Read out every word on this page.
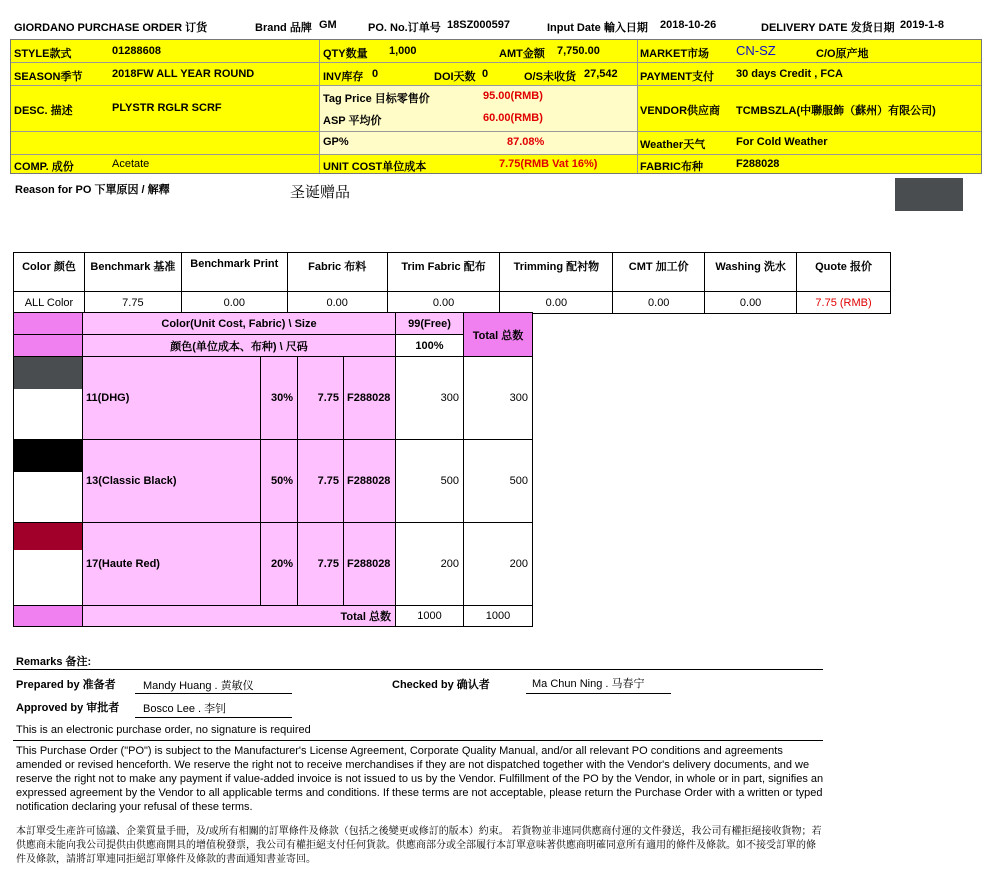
GIORDANO PURCHASE ORDER 订货	Brand 品牌 GM	PO. No.订单号 18SZ000597	Input Date 輸入日期 2018-10-26	DELIVERY DATE 发货日期 2019-1-8
STYLE款式	01288608
SEASON季节	2018FW ALL YEAR ROUND
DESC. 描述	PLYSTR RGLR SCRF
COMP. 成份	Acetate
QTY数量 1,000	AMT金额 7,750.00
INV库存 0	DOI天数 0	O/S未收货 27,542
Tag Price 目标零售价	95.00(RMB)
ASP 平均价	60.00(RMB)
GP%	87.08%
UNIT COST单位成本	7.75(RMB Vat 16%)
MARKET市场 CN-SZ	C/O原产地
PAYMENT支付 30 days Credit , FCA
VENDOR供应商 TCMBSZLA(中聯服飾（蘇州）有限公司)
Weather天气	For Cold Weather
FABRIC布种	F288028
Reason for PO 下單原因 / 解釋	圣诞赠品
Color 颜色	Benchmark 基准	Benchmark Print	Fabric 布料	Trim Fabric 配布	Trimming 配衬物	CMT 加工价	Washing 洗水	Quote 报价
ALL Color	7.75	0.00	0.00	0.00	0.00	0.00	0.00	7.75 (RMB)
Color(Unit Cost, Fabric) \ Size
颜色(单位成本、布种) \ 尺码
99(Free)
100%
Total 总数
11(DHG)	30%	7.75 F288028	300	300
13(Classic Black)	50%	7.75 F288028	500	500
17(Haute Red)	20%	7.75 F288028	200	200
Total 总数	1000	1000
Remarks 备注:
Prepared by 准备者 Mandy Huang . 黄敏仪	Checked by 确认者	Ma Chun Ning . 马春宁
Approved by 审批者 Bosco Lee . 李钊
This is an electronic purchase order, no signature is required
This Purchase Order ("PO") is subject to the Manufacturer's License Agreement, Corporate Quality Manual, and/or all relevant PO conditions and agreements amended or revised henceforth. We reserve the right not to receive merchandises if they are not dispatched together with the Vendor's delivery documents, and we reserve the right not to make any payment if value-added invoice is not issued to us by the Vendor. Fulfillment of the PO by the Vendor, in whole or in part, signifies an expressed agreement by the Vendor to all applicable terms and conditions. If these terms are not acceptable, please return the Purchase Order with a written or typed notification declaring your refusal of these terms.
本訂單受生產許可協議、企業質量手冊，及/或所有相關的訂單條件及條款（包括之後變更或修訂的版本）約束。 若貨物並非連同供應商付運的文件發送，我公司有權拒絕接收貨物；若供應商未能向我公司提供由供應商開具的增值稅發票，我公司有權拒絕支付任何貨款。供應商部分或全部履行本訂單意味著供應商明確同意所有適用的條件及條款。如不接受訂單的條件及條款，請將訂單連同拒絕訂單條件及條款的書面通知書並寄回。
